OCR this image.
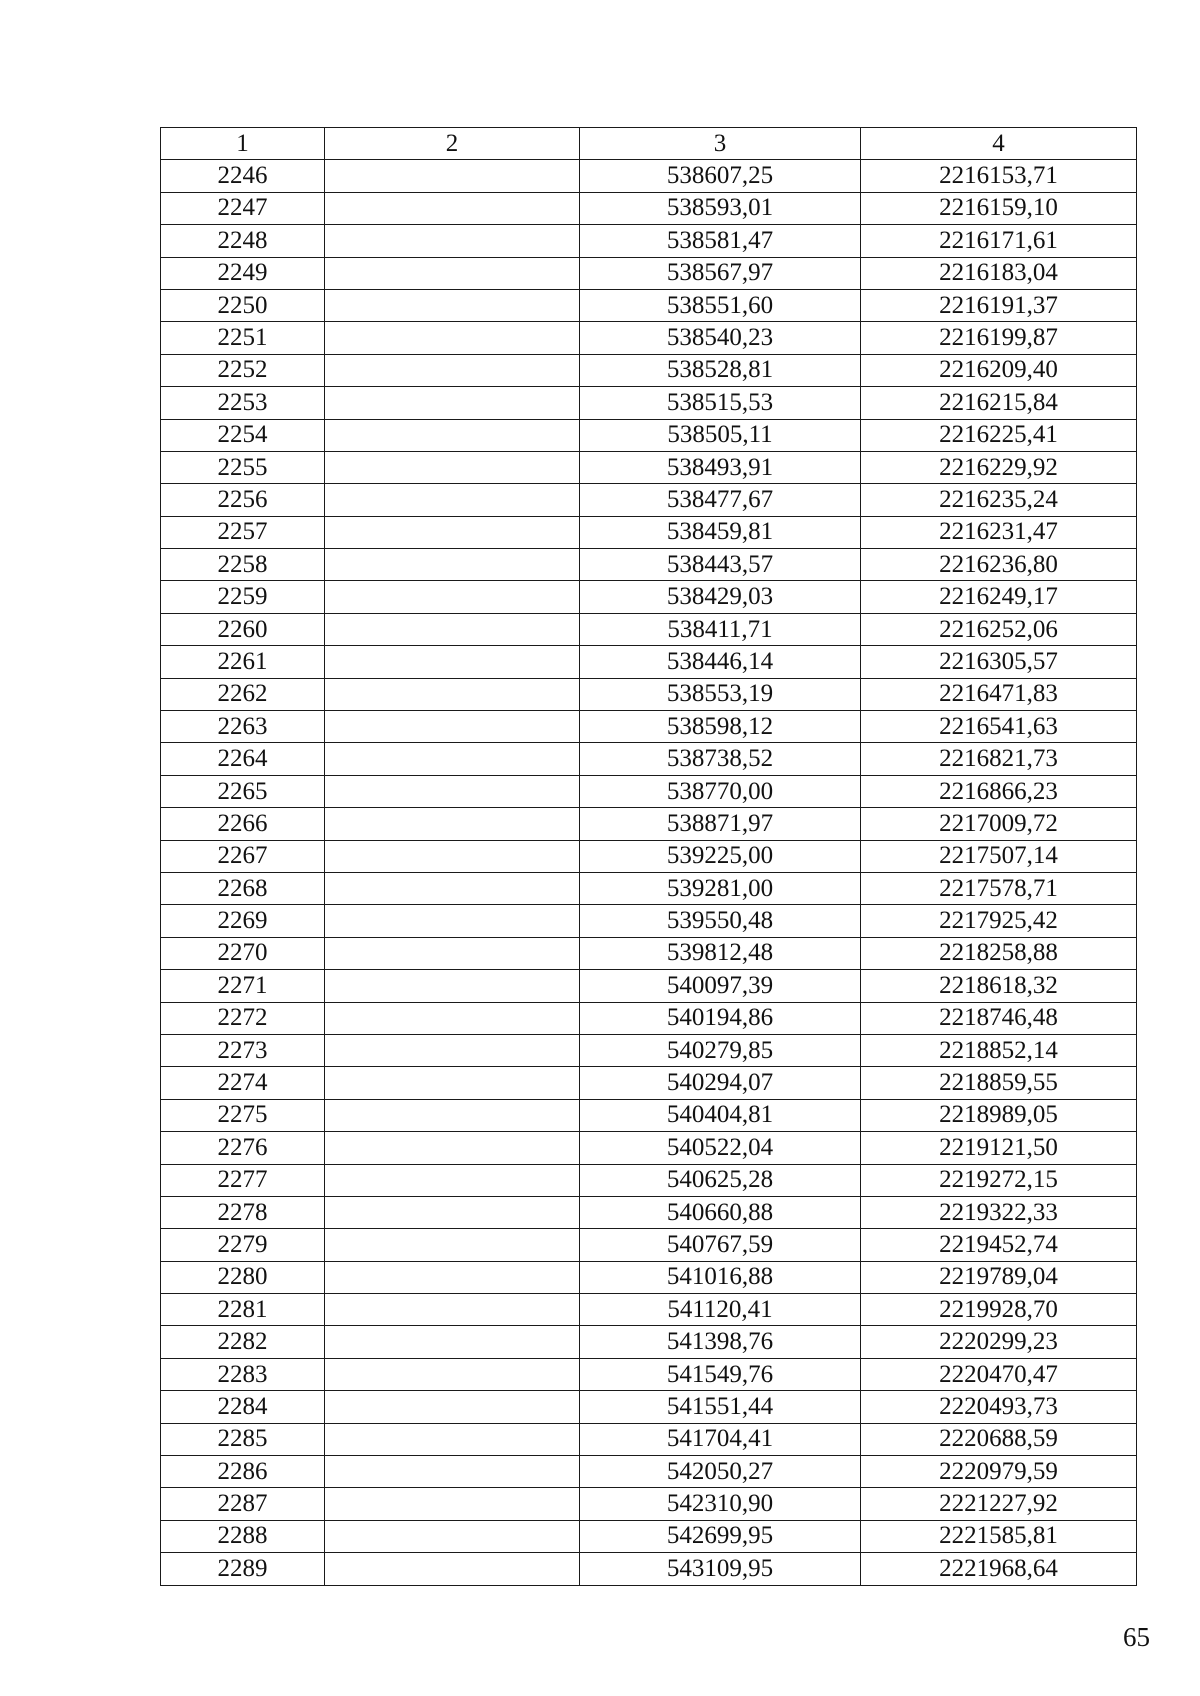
1	2	3	4
2246		538607,25	2216153,71
2247		538593,01	2216159,10
2248		538581,47	2216171,61
2249		538567,97	2216183,04
2250		538551,60	2216191,37
2251		538540,23	2216199,87
2252		538528,81	2216209,40
2253		538515,53	2216215,84
2254		538505,11	2216225,41
2255		538493,91	2216229,92
2256		538477,67	2216235,24
2257		538459,81	2216231,47
2258		538443,57	2216236,80
2259		538429,03	2216249,17
2260		538411,71	2216252,06
2261		538446,14	2216305,57
2262		538553,19	2216471,83
2263		538598,12	2216541,63
2264		538738,52	2216821,73
2265		538770,00	2216866,23
2266		538871,97	2217009,72
2267		539225,00	2217507,14
2268		539281,00	2217578,71
2269		539550,48	2217925,42
2270		539812,48	2218258,88
2271		540097,39	2218618,32
2272		540194,86	2218746,48
2273		540279,85	2218852,14
2274		540294,07	2218859,55
2275		540404,81	2218989,05
2276		540522,04	2219121,50
2277		540625,28	2219272,15
2278		540660,88	2219322,33
2279		540767,59	2219452,74
2280		541016,88	2219789,04
2281		541120,41	2219928,70
2282		541398,76	2220299,23
2283		541549,76	2220470,47
2284		541551,44	2220493,73
2285		541704,41	2220688,59
2286		542050,27	2220979,59
2287		542310,90	2221227,92
2288		542699,95	2221585,81
2289		543109,95	2221968,64
65
